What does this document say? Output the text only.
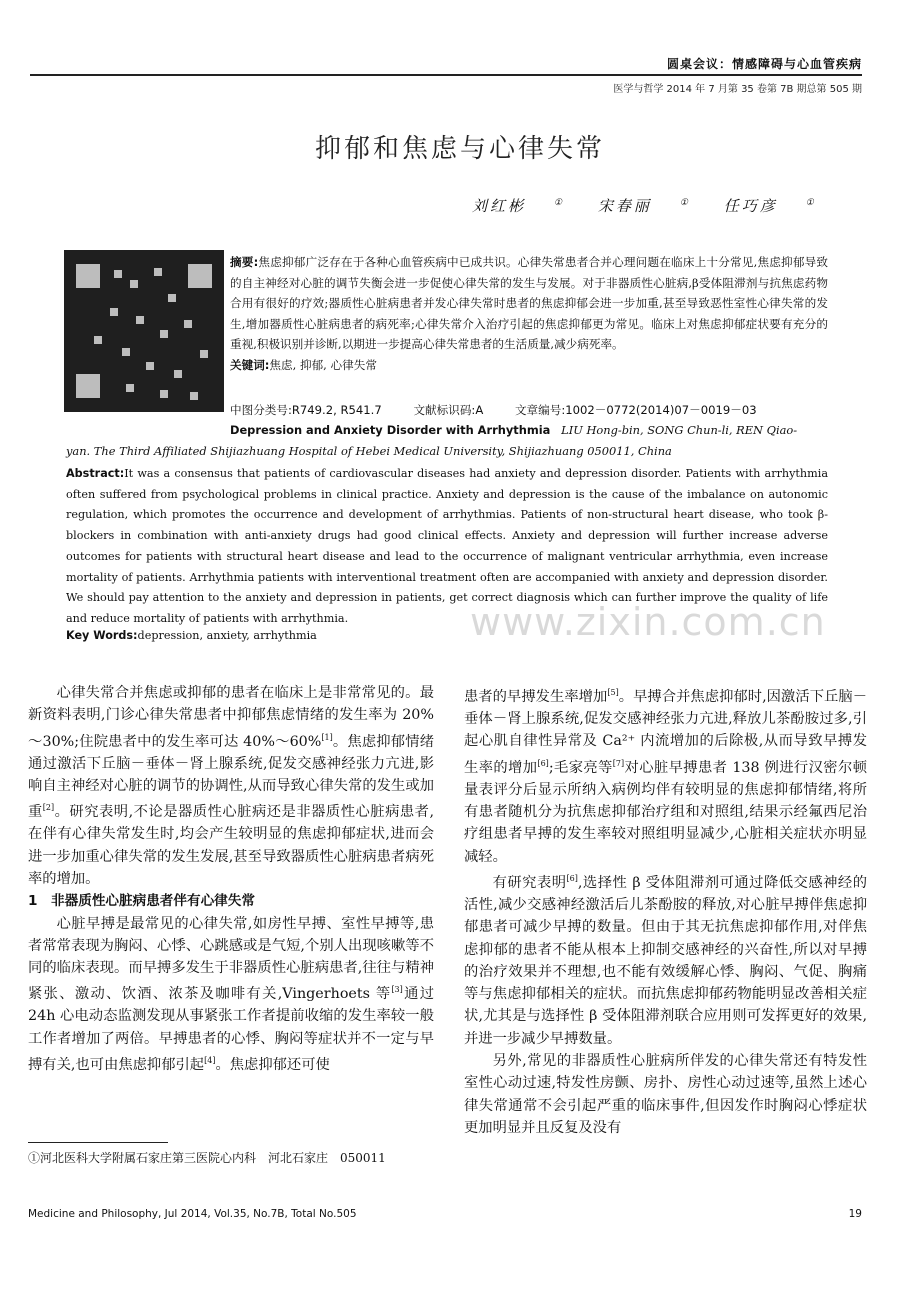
圆桌会议：情感障碍与心血管疾病
医学与哲学 2014 年 7 月第 35 卷第 7B 期总第 505 期
抑郁和焦虑与心律失常
刘红彬	① 宋春丽	① 任巧彦	①
摘要:焦虑抑郁广泛存在于各种心血管疾病中已成共识。心律失常患者合并心理问题在临床上十分常见,焦虑抑郁导致的自主神经对心脏的调节失衡会进一步促使心律失常的发生与发展。对于非器质性心脏病,β受体阻滞剂与抗焦虑药物合用有很好的疗效;器质性心脏病患者并发心律失常时患者的焦虑抑郁会进一步加重,甚至导致恶性室性心律失常的发生,增加器质性心脏病患者的病死率;心律失常介入治疗引起的焦虑抑郁更为常见。临床上对焦虑抑郁症状要有充分的重视,积极识别并诊断,以期进一步提高心律失常患者的生活质量,减少病死率。
关键词:焦虑, 抑郁, 心律失常
中图分类号:R749.2, R541.7	文献标识码:A	文章编号:1002－0772(2014)07－0019－03
Depression and Anxiety Disorder with Arrhythmia LIU Hong-bin, SONG Chun-li, REN Qiao-
yan. The Third Affiliated Shijiazhuang Hospital of Hebei Medical University, Shijiazhuang 050011, China
Abstract:It was a consensus that patients of cardiovascular diseases had anxiety and depression disorder. Patients with arrhythmia often suffered from psychological problems in clinical practice. Anxiety and depression is the cause of the imbalance on autonomic regulation, which promotes the occurrence and development of arrhythmias. Patients of non-structural heart disease, who took β-blockers in combination with anti-anxiety drugs had good clinical effects. Anxiety and depression will further increase adverse outcomes for patients with structural heart disease and lead to the occurrence of malignant ventricular arrhythmia, even increase mortality of patients. Arrhythmia patients with interventional treatment often are accompanied with anxiety and depression disorder. We should pay attention to the anxiety and depression in patients, get correct diagnosis which can further improve the quality of life and reduce mortality of patients with arrhythmia.
Key Words:depression, anxiety, arrhythmia	www.zixin.com.cn

心律失常合并焦虑或抑郁的患者在临床上是非常常见的。最新资料表明,门诊心律失常患者中抑郁焦虑情绪的发生率为 20%～30%;住院患者中的发生率可达 40%～60%[1]。焦虑抑郁情绪通过激活下丘脑－垂体－肾上腺系统,促发交感神经张力亢进,影响自主神经对心脏的调节的协调性,从而导致心律失常的发生或加重[2]。研究表明,不论是器质性心脏病还是非器质性心脏病患者,在伴有心律失常发生时,均会产生较明显的焦虑抑郁症状,进而会进一步加重心律失常的发生发展,甚至导致器质性心脏病患者病死率的增加。

1　非器质性心脏病患者伴有心律失常

心脏早搏是最常见的心律失常,如房性早搏、室性早搏等,患者常常表现为胸闷、心悸、心跳感或是气短,个别人出现咳嗽等不同的临床表现。而早搏多发生于非器质性心脏病患者,往往与精神紧张、激动、饮酒、浓茶及咖啡有关,Vingerhoets 等[3]通过 24h 心电动态监测发现从事紧张工作者提前收缩的发生率较一般工作者增加了两倍。早搏患者的心悸、胸闷等症状并不一定与早搏有关,也可由焦虑抑郁引起[4]。焦虑抑郁还可使

患者的早搏发生率增加[5]。早搏合并焦虑抑郁时,因激活下丘脑－垂体－肾上腺系统,促发交感神经张力亢进,释放儿茶酚胺过多,引起心肌自律性异常及 Ca²⁺ 内流增加的后除极,从而导致早搏发生率的增加[6];毛家亮等[7]对心脏早搏患者 138 例进行汉密尔顿量表评分后显示所纳入病例均伴有较明显的焦虑抑郁情绪,将所有患者随机分为抗焦虑抑郁治疗组和对照组,结果示经氟西尼治疗组患者早搏的发生率较对照组明显减少,心脏相关症状亦明显减轻。

有研究表明[6],选择性 β 受体阻滞剂可通过降低交感神经的活性,减少交感神经激活后儿茶酚胺的释放,对心脏早搏伴焦虑抑郁患者可减少早搏的数量。但由于其无抗焦虑抑郁作用,对伴焦虑抑郁的患者不能从根本上抑制交感神经的兴奋性,所以对早搏的治疗效果并不理想,也不能有效缓解心悸、胸闷、气促、胸痛等与焦虑抑郁相关的症状。而抗焦虑抑郁药物能明显改善相关症状,尤其是与选择性 β 受体阻滞剂联合应用则可发挥更好的效果,并进一步减少早搏数量。

另外,常见的非器质性心脏病所伴发的心律失常还有特发性室性心动过速,特发性房颤、房扑、房性心动过速等,虽然上述心律失常通常不会引起严重的临床事件,但因发作时胸闷心悸症状更加明显并且反复及没有

①河北医科大学附属石家庄第三医院心内科　河北石家庄　050011
Medicine and Philosophy, Jul 2014, Vol.35, No.7B, Total No.505	19
